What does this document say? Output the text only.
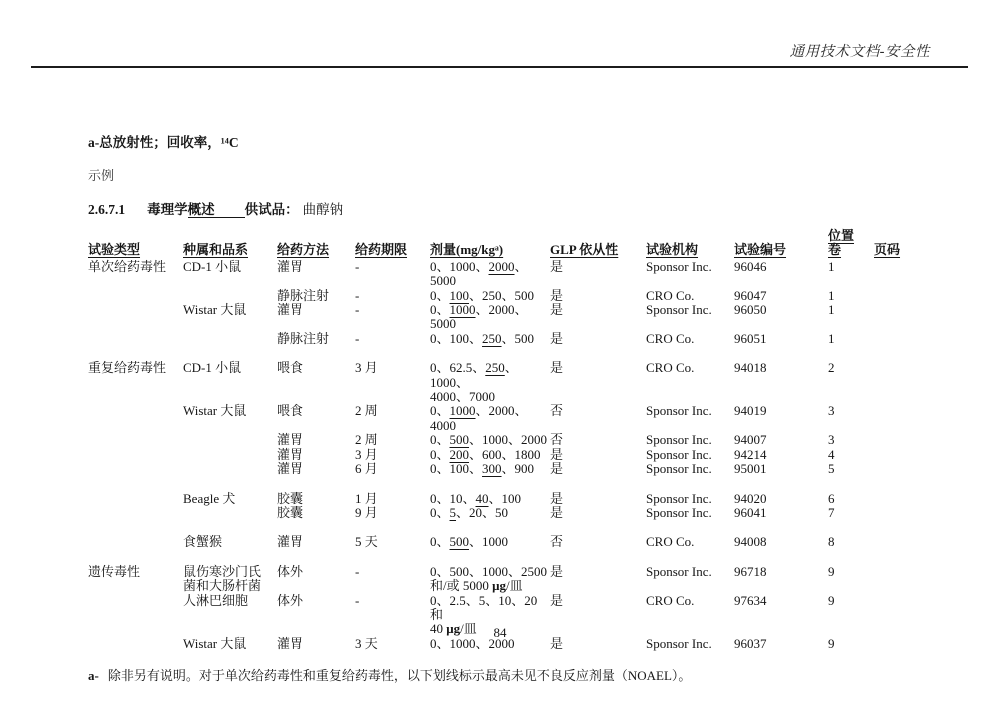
通用技术文档-安全性
a-总放射性；回收率，¹⁴C
示例
2.6.7.1 毒理学概述 供试品： 曲醇钠
								位置	
试验类型	种属和品系	给药方法	给药期限	剂量(mg/kgᵃ)	GLP 依从性	试验机构	试验编号	卷	页码
单次给药毒性	CD-1 小鼠	灌胃	-	0、1000、2000、5000	是	Sponsor Inc.	96046	1	
		静脉注射	-	0、100、250、500	是	CRO Co.	96047	1	
	Wistar 大鼠	灌胃	-	0、1000、2000、5000	是	Sponsor Inc.	96050	1	
		静脉注射	-	0、100、250、500	是	CRO Co.	96051	1	

重复给药毒性	CD-1 小鼠	喂食	3 月	0、62.5、250、1000、
4000、7000	是	CRO Co.	94018	2	
	Wistar 大鼠	喂食	2 周	0、1000、2000、4000	否	Sponsor Inc.	94019	3	
		灌胃	2 周	0、500、1000、2000	否	Sponsor Inc.	94007	3	
		灌胃	3 月	0、200、600、1800	是	Sponsor Inc.	94214	4	
		灌胃	6 月	0、100、300、900	是	Sponsor Inc.	95001	5	

	Beagle 犬	胶囊	1 月	0、10、40、100	是	Sponsor Inc.	94020	6	
		胶囊	9 月	0、5、20、50	是	Sponsor Inc.	96041	7	

	食蟹猴	灌胃	5 天	0、500、1000	否	CRO Co.	94008	8	

遗传毒性	鼠伤寒沙门氏 菌和大肠杆菌	体外	-	0、500、1000、2500
和/或 5000 μg/皿	是	Sponsor Inc.	96718	9	
	人淋巴细胞	体外	-	0、2.5、5、10、20 和
40 μg/皿	是	CRO Co.	97634	9	
	Wistar 大鼠	灌胃	3 天	0、1000、2000	是	Sponsor Inc.	96037	9	
a- 除非另有说明。对于单次给药毒性和重复给药毒性，以下划线标示最高未见不良反应剂量（NOAEL）。
84
